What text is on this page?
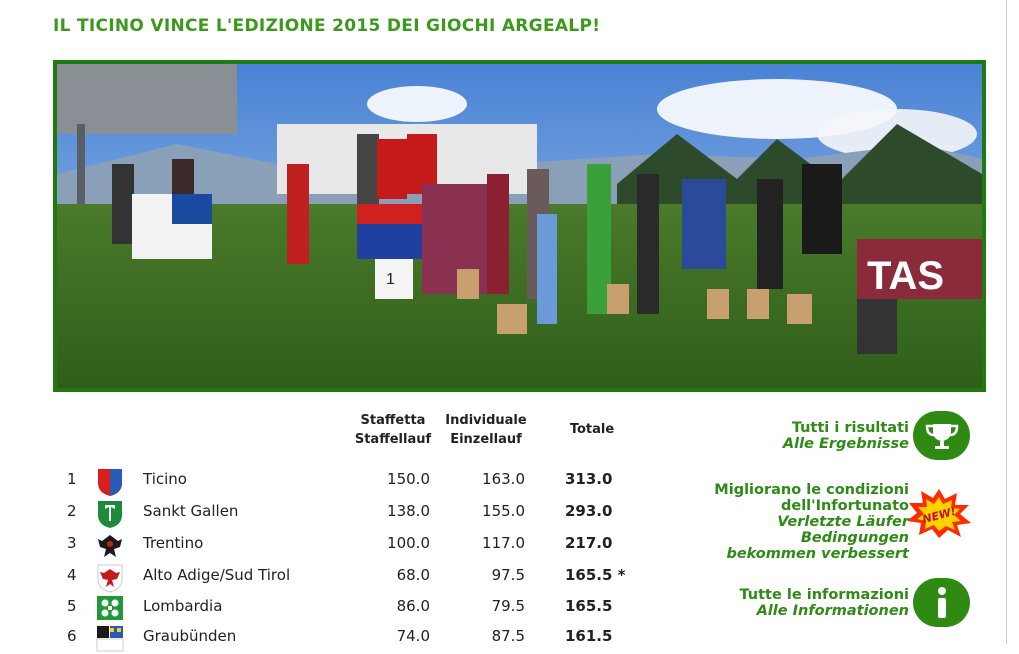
IL TICINO VINCE L'EDIZIONE 2015 DEI GIOCHI ARGEALP!
TAS
1
Staffetta
Staffellauf
Individuale
Einzellauf
Totale
1	Ticino	150.0	163.0	313.0
2	Sankt Gallen	138.0	155.0	293.0
3	Trentino	100.0	117.0	217.0
4	Alto Adige/Sud Tirol	68.0	97.5	165.5 *
5	Lombardia	86.0	79.5	165.5
6	Graubünden	74.0	87.5	161.5
Tutti i risultati
Alle Ergebnisse
Migliorano le condizioni
dell'Infortunato
Verletzte Läufer
Bedingungen
bekommen verbessert
NEW!
Tutte le informazioni
Alle Informationen
